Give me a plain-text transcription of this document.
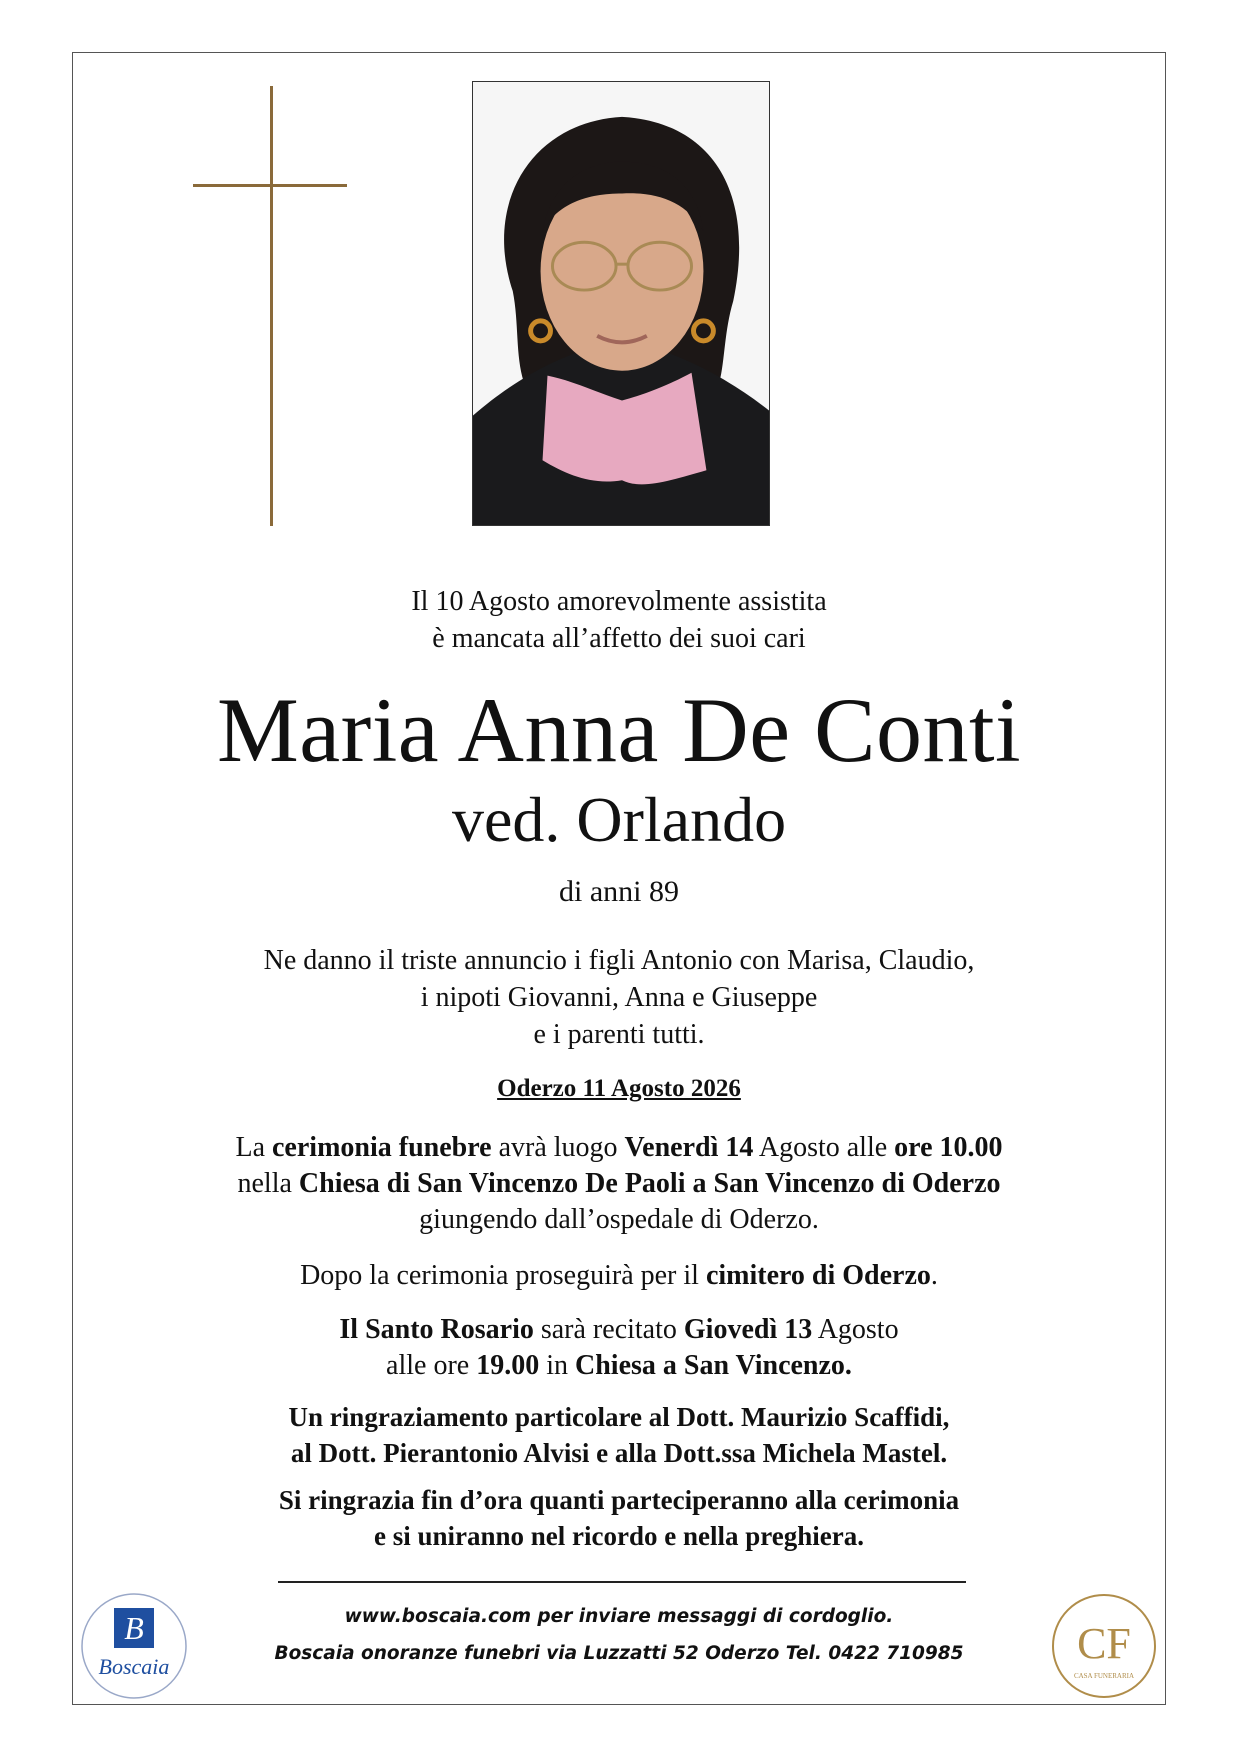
Il 10 Agosto amorevolmente assistita
è mancata all’affetto dei suoi cari
Maria Anna De Conti
ved. Orlando
di anni 89
Ne danno il triste annuncio i figli Antonio con Marisa, Claudio,
i nipoti Giovanni, Anna e Giuseppe
e i parenti tutti.
Oderzo 11 Agosto 2026
La cerimonia funebre avrà luogo Venerdì 14 Agosto alle ore 10.00
nella Chiesa di San Vincenzo De Paoli a San Vincenzo di Oderzo
giungendo dall’ospedale di Oderzo.
Dopo la cerimonia proseguirà per il cimitero di Oderzo.
Il Santo Rosario sarà recitato Giovedì 13 Agosto
alle ore 19.00 in Chiesa a San Vincenzo.
Un ringraziamento particolare al Dott. Maurizio Scaffidi,
al Dott. Pierantonio Alvisi e alla Dott.ssa Michela Mastel.
Si ringrazia fin d’ora quanti parteciperanno alla cerimonia
e si uniranno nel ricordo e nella preghiera.
www.boscaia.com per inviare messaggi di cordoglio.
Boscaia onoranze funebri via Luzzatti 52 Oderzo Tel. 0422 710985
B
Boscaia	CF
CASA FUNERARIA
